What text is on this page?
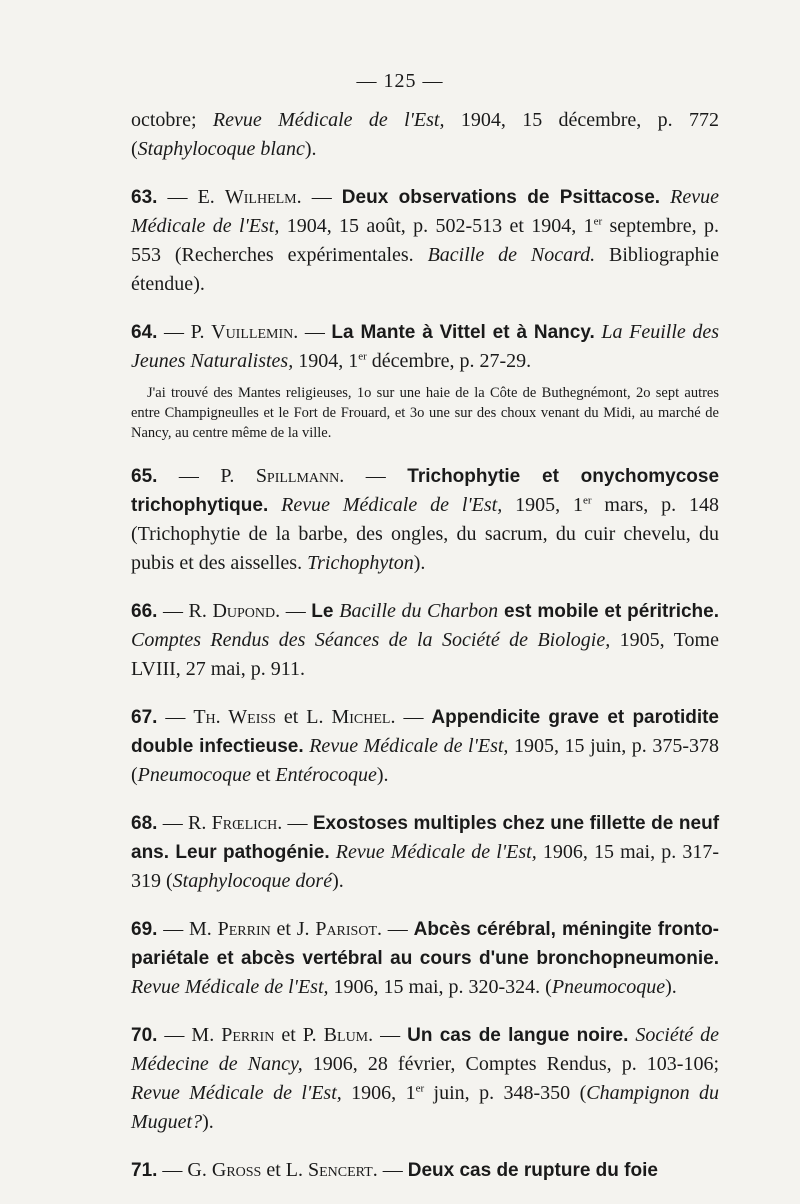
— 125 —

octobre; Revue Médicale de l'Est, 1904, 15 décembre, p. 772 (Staphylocoque blanc).

63. — E. Wilhelm. — Deux observations de Psittacose. Revue Médicale de l'Est, 1904, 15 août, p. 502-513 et 1904, 1er septembre, p. 553 (Recherches expérimentales. Bacille de Nocard. Bibliographie étendue).

64. — P. Vuillemin. — La Mante à Vittel et à Nancy. La Feuille des Jeunes Naturalistes, 1904, 1er décembre, p. 27-29.

J'ai trouvé des Mantes religieuses, 1o sur une haie de la Côte de Buthegnémont, 2o sept autres entre Champigneulles et le Fort de Frouard, et 3o une sur des choux venant du Midi, au marché de Nancy, au centre même de la ville.

65. — P. Spillmann. — Trichophytie et onychomycose trichophytique. Revue Médicale de l'Est, 1905, 1er mars, p. 148 (Trichophytie de la barbe, des ongles, du sacrum, du cuir chevelu, du pubis et des aisselles. Trichophyton).

66. — R. Dupond. — Le Bacille du Charbon est mobile et péritriche. Comptes Rendus des Séances de la Société de Biologie, 1905, Tome LVIII, 27 mai, p. 911.

67. — Th. Weiss et L. Michel. — Appendicite grave et parotidite double infectieuse. Revue Médicale de l'Est, 1905, 15 juin, p. 375-378 (Pneumocoque et Entérocoque).

68. — R. Frœlich. — Exostoses multiples chez une fillette de neuf ans. Leur pathogénie. Revue Médicale de l'Est, 1906, 15 mai, p. 317-319 (Staphylocoque doré).

69. — M. Perrin et J. Parisot. — Abcès cérébral, méningite fronto-pariétale et abcès vertébral au cours d'une bronchopneumonie. Revue Médicale de l'Est, 1906, 15 mai, p. 320-324. (Pneumocoque).

70. — M. Perrin et P. Blum. — Un cas de langue noire. Société de Médecine de Nancy, 1906, 28 février, Comptes Rendus, p. 103-106; Revue Médicale de l'Est, 1906, 1er juin, p. 348-350 (Champignon du Muguet?).

71. — G. Gross et L. Sencert. — Deux cas de rupture du foie
